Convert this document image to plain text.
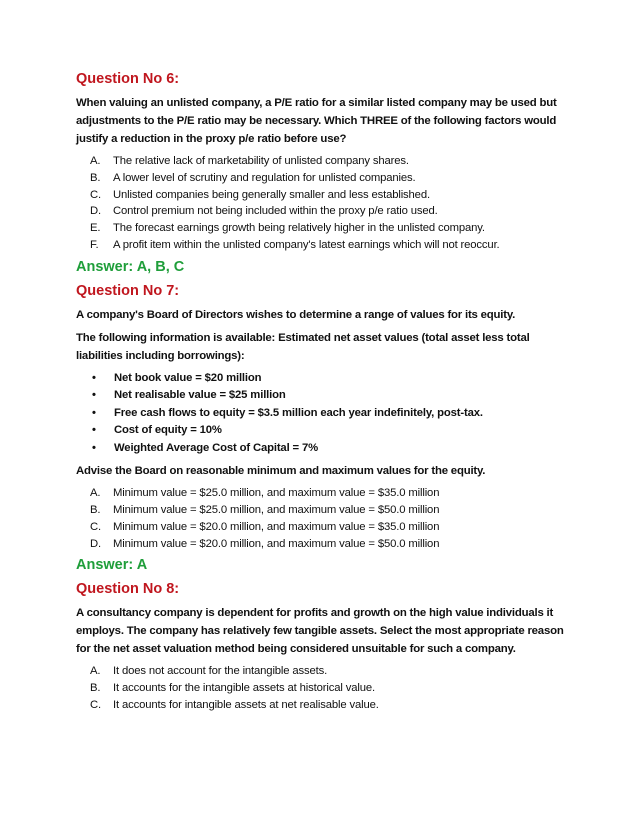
Question No 6:

When valuing an unlisted company, a P/E ratio for a similar listed company may be used but adjustments to the P/E ratio may be necessary. Which THREE of the following factors would justify a reduction in the proxy p/e ratio before use?

A.	The relative lack of marketability of unlisted company shares.
B.	A lower level of scrutiny and regulation for unlisted companies.
C.	Unlisted companies being generally smaller and less established.
D.	Control premium not being included within the proxy p/e ratio used.
E.	The forecast earnings growth being relatively higher in the unlisted company.
F.	A profit item within the unlisted company's latest earnings which will not reoccur.
Answer: A, B, C
Question No 7:

A company's Board of Directors wishes to determine a range of values for its equity.

The following information is available: Estimated net asset values (total asset less total liabilities including borrowings):

•	Net book value = $20 million
•	Net realisable value = $25 million
•	Free cash flows to equity = $3.5 million each year indefinitely, post-tax.
•	Cost of equity = 10%
•	Weighted Average Cost of Capital = 7%

Advise the Board on reasonable minimum and maximum values for the equity.

A.	Minimum value = $25.0 million, and maximum value = $35.0 million
B.	Minimum value = $25.0 million, and maximum value = $50.0 million
C.	Minimum value = $20.0 million, and maximum value = $35.0 million
D.	Minimum value = $20.0 million, and maximum value = $50.0 million
Answer: A
Question No 8:

A consultancy company is dependent for profits and growth on the high value individuals it employs. The company has relatively few tangible assets. Select the most appropriate reason for the net asset valuation method being considered unsuitable for such a company.

A.	It does not account for the intangible assets.
B.	It accounts for the intangible assets at historical value.
C.	It accounts for intangible assets at net realisable value.
